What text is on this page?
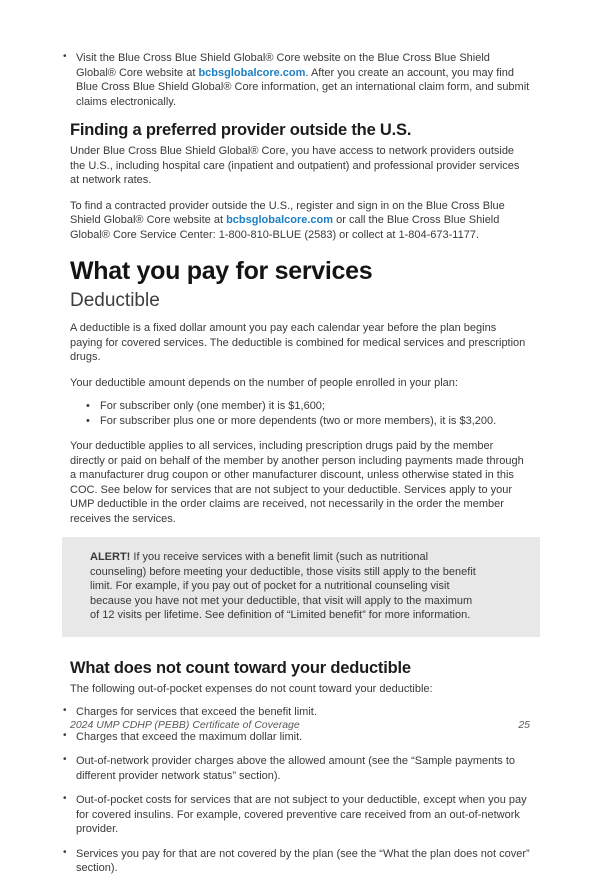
• Visit the Blue Cross Blue Shield Global® Core website on the Blue Cross Blue Shield Global® Core website at bcbsglobalcore.com. After you create an account, you may find Blue Cross Blue Shield Global® Core information, get an international claim form, and submit claims electronically.
Finding a preferred provider outside the U.S.

Under Blue Cross Blue Shield Global® Core, you have access to network providers outside the U.S., including hospital care (inpatient and outpatient) and professional provider services at network rates.

To find a contracted provider outside the U.S., register and sign in on the Blue Cross Blue Shield Global® Core website at bcbsglobalcore.com or call the Blue Cross Blue Shield Global® Core Service Center: 1-800-810-BLUE (2583) or collect at 1-804-673-1177.

What you pay for services
Deductible

A deductible is a fixed dollar amount you pay each calendar year before the plan begins paying for covered services. The deductible is combined for medical services and prescription drugs.

Your deductible amount depends on the number of people enrolled in your plan:

• For subscriber only (one member) it is $1,600;
• For subscriber plus one or more dependents (two or more members), it is $3,200.

Your deductible applies to all services, including prescription drugs paid by the member directly or paid on behalf of the member by another person including payments made through a manufacturer drug coupon or other manufacturer discount, unless otherwise stated in this COC. See below for services that are not subject to your deductible. Services apply to your UMP deductible in the order claims are received, not necessarily in the order the member receives the services.

ALERT! If you receive services with a benefit limit (such as nutritional counseling) before meeting your deductible, those visits still apply to the benefit limit. For example, if you pay out of pocket for a nutritional counseling visit because you have not met your deductible, that visit will apply to the maximum of 12 visits per lifetime. See definition of “Limited benefit” for more information.
What does not count toward your deductible

The following out-of-pocket expenses do not count toward your deductible:

• Charges for services that exceed the benefit limit.
• Charges that exceed the maximum dollar limit.
• Out-of-network provider charges above the allowed amount (see the “Sample payments to different provider network status” section).
• Out-of-pocket costs for services that are not subject to your deductible, except when you pay for covered insulins. For example, covered preventive care received from an out-of-network provider.
• Services you pay for that are not covered by the plan (see the “What the plan does not cover” section).
2024 UMP CDHP (PEBB) Certificate of Coverage	25
